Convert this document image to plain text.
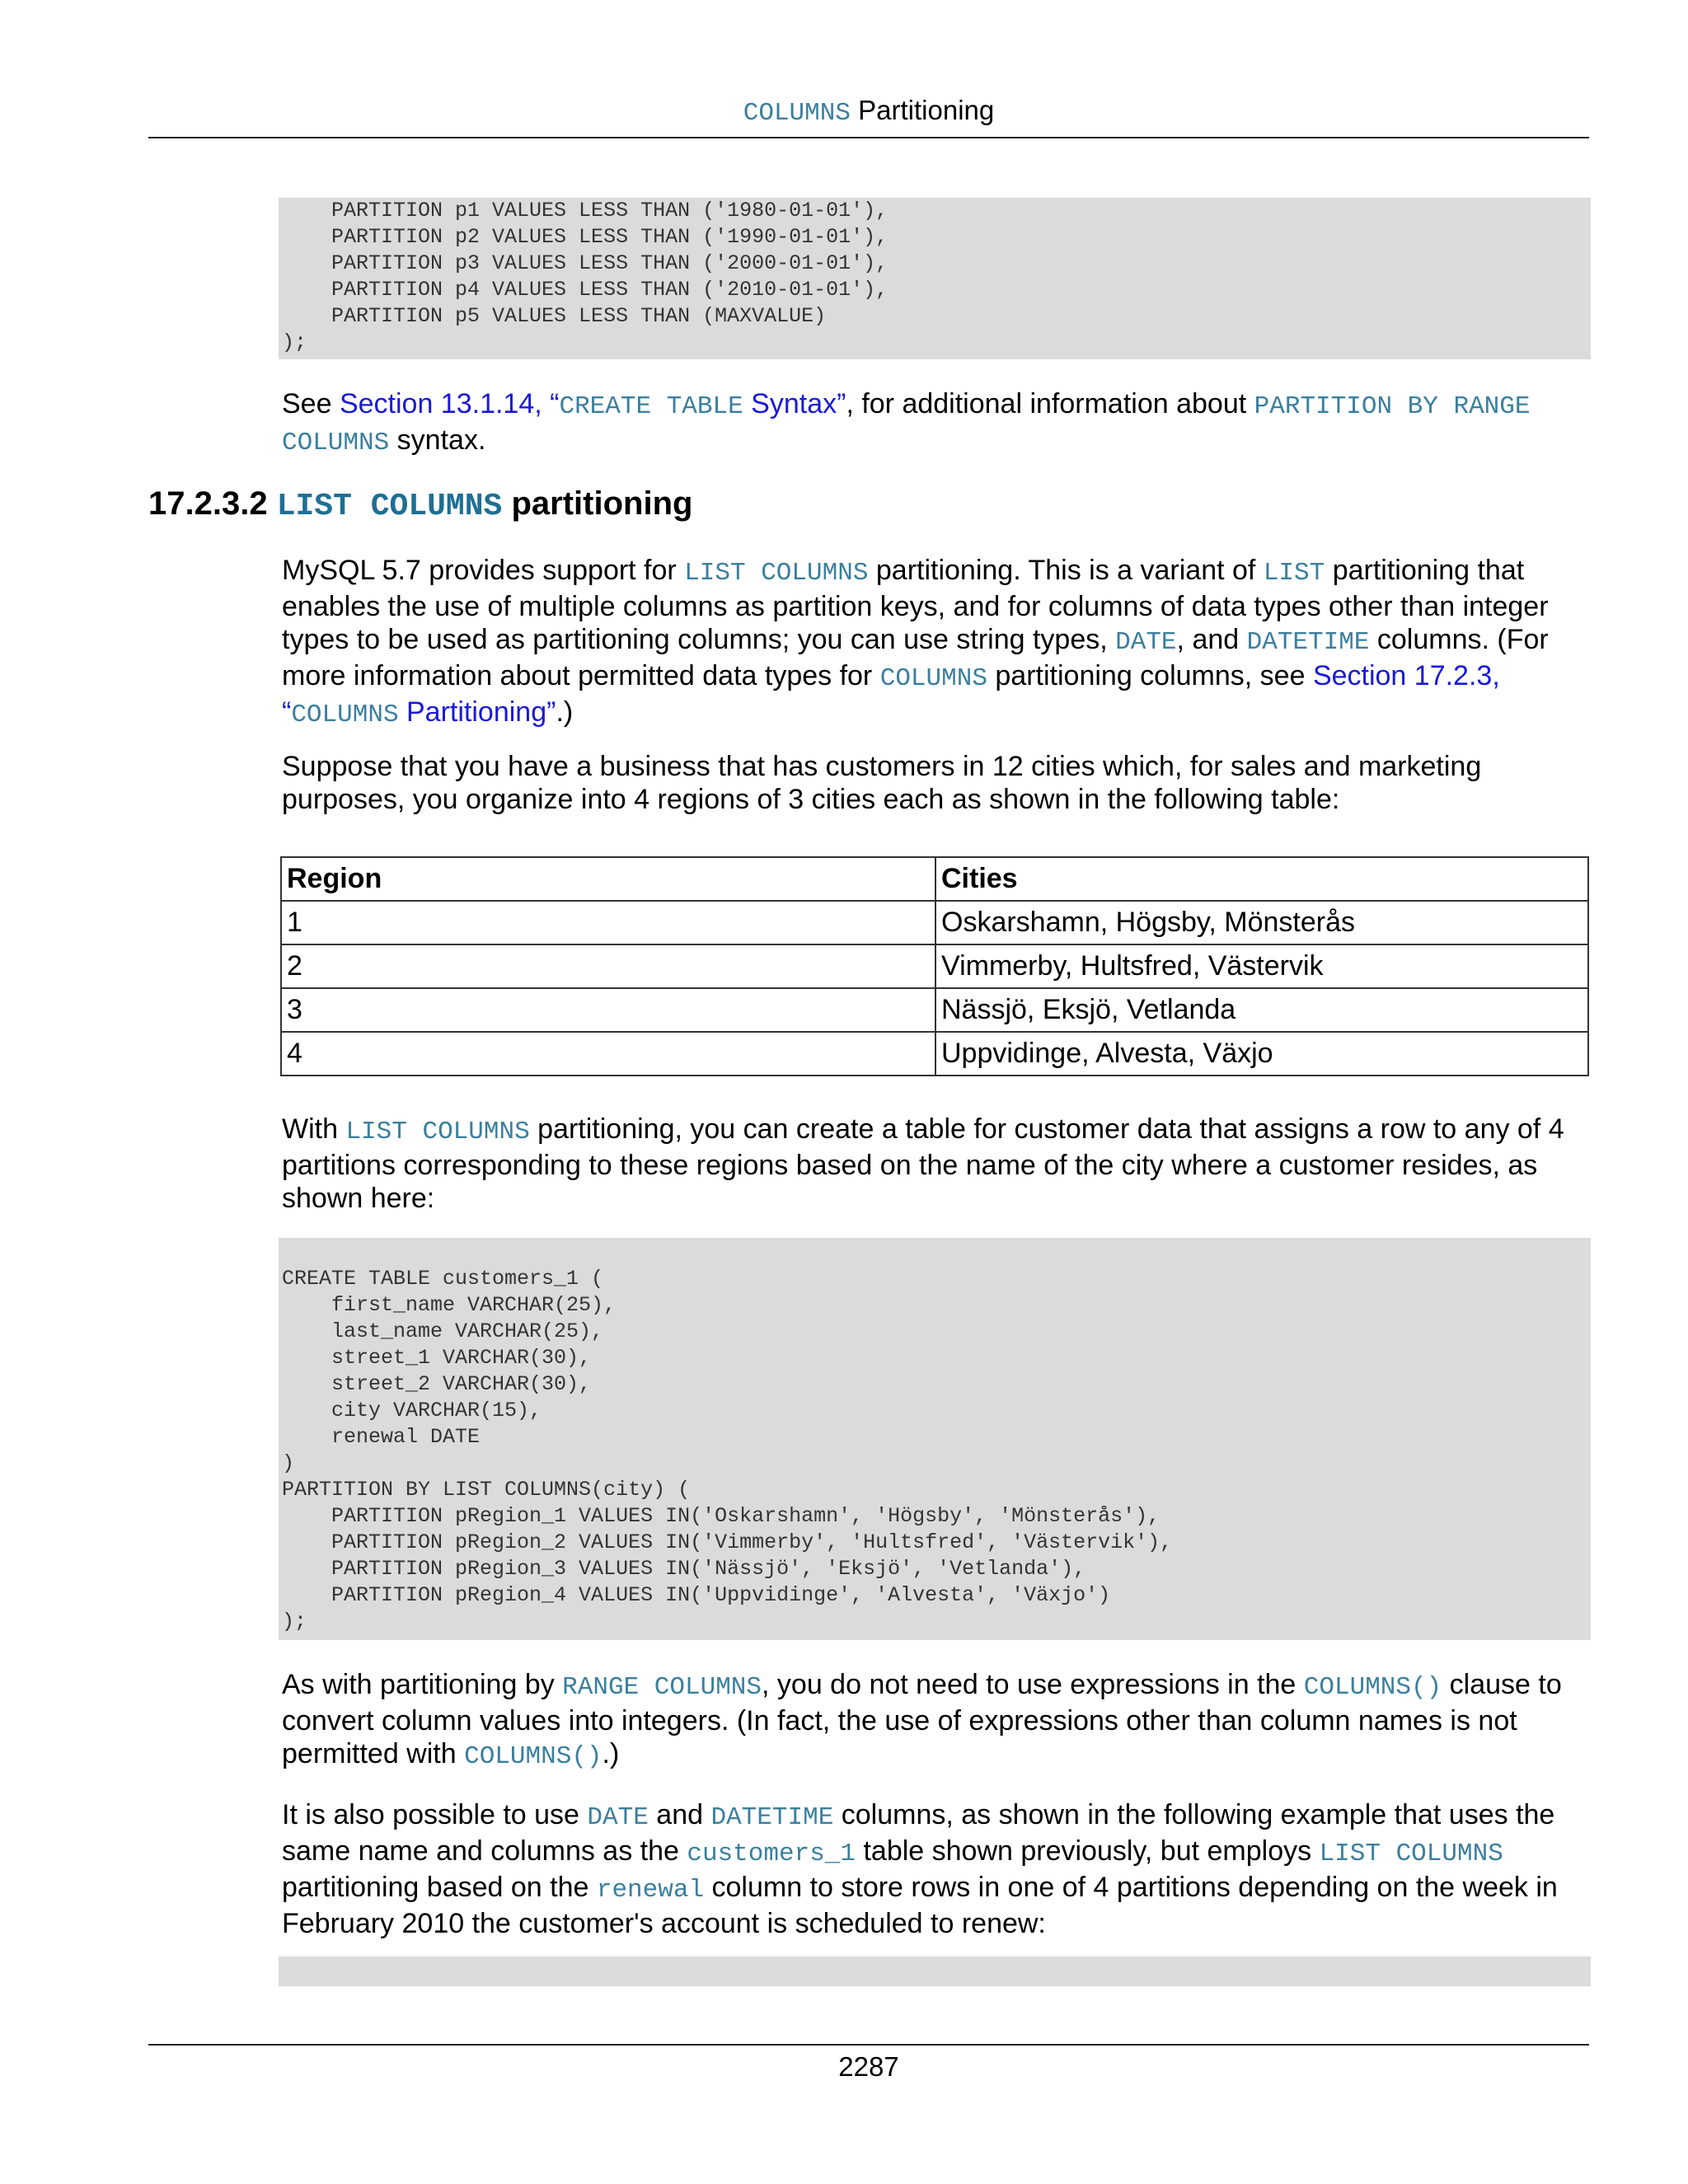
COLUMNS Partitioning
PARTITION p1 VALUES LESS THAN ('1980-01-01'),
PARTITION p2 VALUES LESS THAN ('1990-01-01'),
PARTITION p3 VALUES LESS THAN ('2000-01-01'),
PARTITION p4 VALUES LESS THAN ('2010-01-01'),
PARTITION p5 VALUES LESS THAN (MAXVALUE)
);
See Section 13.1.14, “CREATE TABLE Syntax”, for additional information about PARTITION BY RANGE COLUMNS syntax.
17.2.3.2 LIST COLUMNS partitioning
MySQL 5.7 provides support for LIST COLUMNS partitioning. This is a variant of LIST partitioning that enables the use of multiple columns as partition keys, and for columns of data types other than integer types to be used as partitioning columns; you can use string types, DATE, and DATETIME columns. (For more information about permitted data types for COLUMNS partitioning columns, see Section 17.2.3, “COLUMNS Partitioning”.)
Suppose that you have a business that has customers in 12 cities which, for sales and marketing purposes, you organize into 4 regions of 3 cities each as shown in the following table:
Region	Cities
1	Oskarshamn, Högsby, Mönsterås
2	Vimmerby, Hultsfred, Västervik
3	Nässjö, Eksjö, Vetlanda
4	Uppvidinge, Alvesta, Växjo
With LIST COLUMNS partitioning, you can create a table for customer data that assigns a row to any of 4 partitions corresponding to these regions based on the name of the city where a customer resides, as shown here:
CREATE TABLE customers_1 (
first_name VARCHAR(25),
last_name VARCHAR(25),
street_1 VARCHAR(30),
street_2 VARCHAR(30),
city VARCHAR(15),
renewal DATE
)
PARTITION BY LIST COLUMNS(city) (
PARTITION pRegion_1 VALUES IN('Oskarshamn', 'Högsby', 'Mönsterås'),
PARTITION pRegion_2 VALUES IN('Vimmerby', 'Hultsfred', 'Västervik'),
PARTITION pRegion_3 VALUES IN('Nässjö', 'Eksjö', 'Vetlanda'),
PARTITION pRegion_4 VALUES IN('Uppvidinge', 'Alvesta', 'Växjo')
);
As with partitioning by RANGE COLUMNS, you do not need to use expressions in the COLUMNS() clause to convert column values into integers. (In fact, the use of expressions other than column names is not permitted with COLUMNS().)
It is also possible to use DATE and DATETIME columns, as shown in the following example that uses the same name and columns as the customers_1 table shown previously, but employs LIST COLUMNS partitioning based on the renewal column to store rows in one of 4 partitions depending on the week in February 2010 the customer's account is scheduled to renew:
2287
